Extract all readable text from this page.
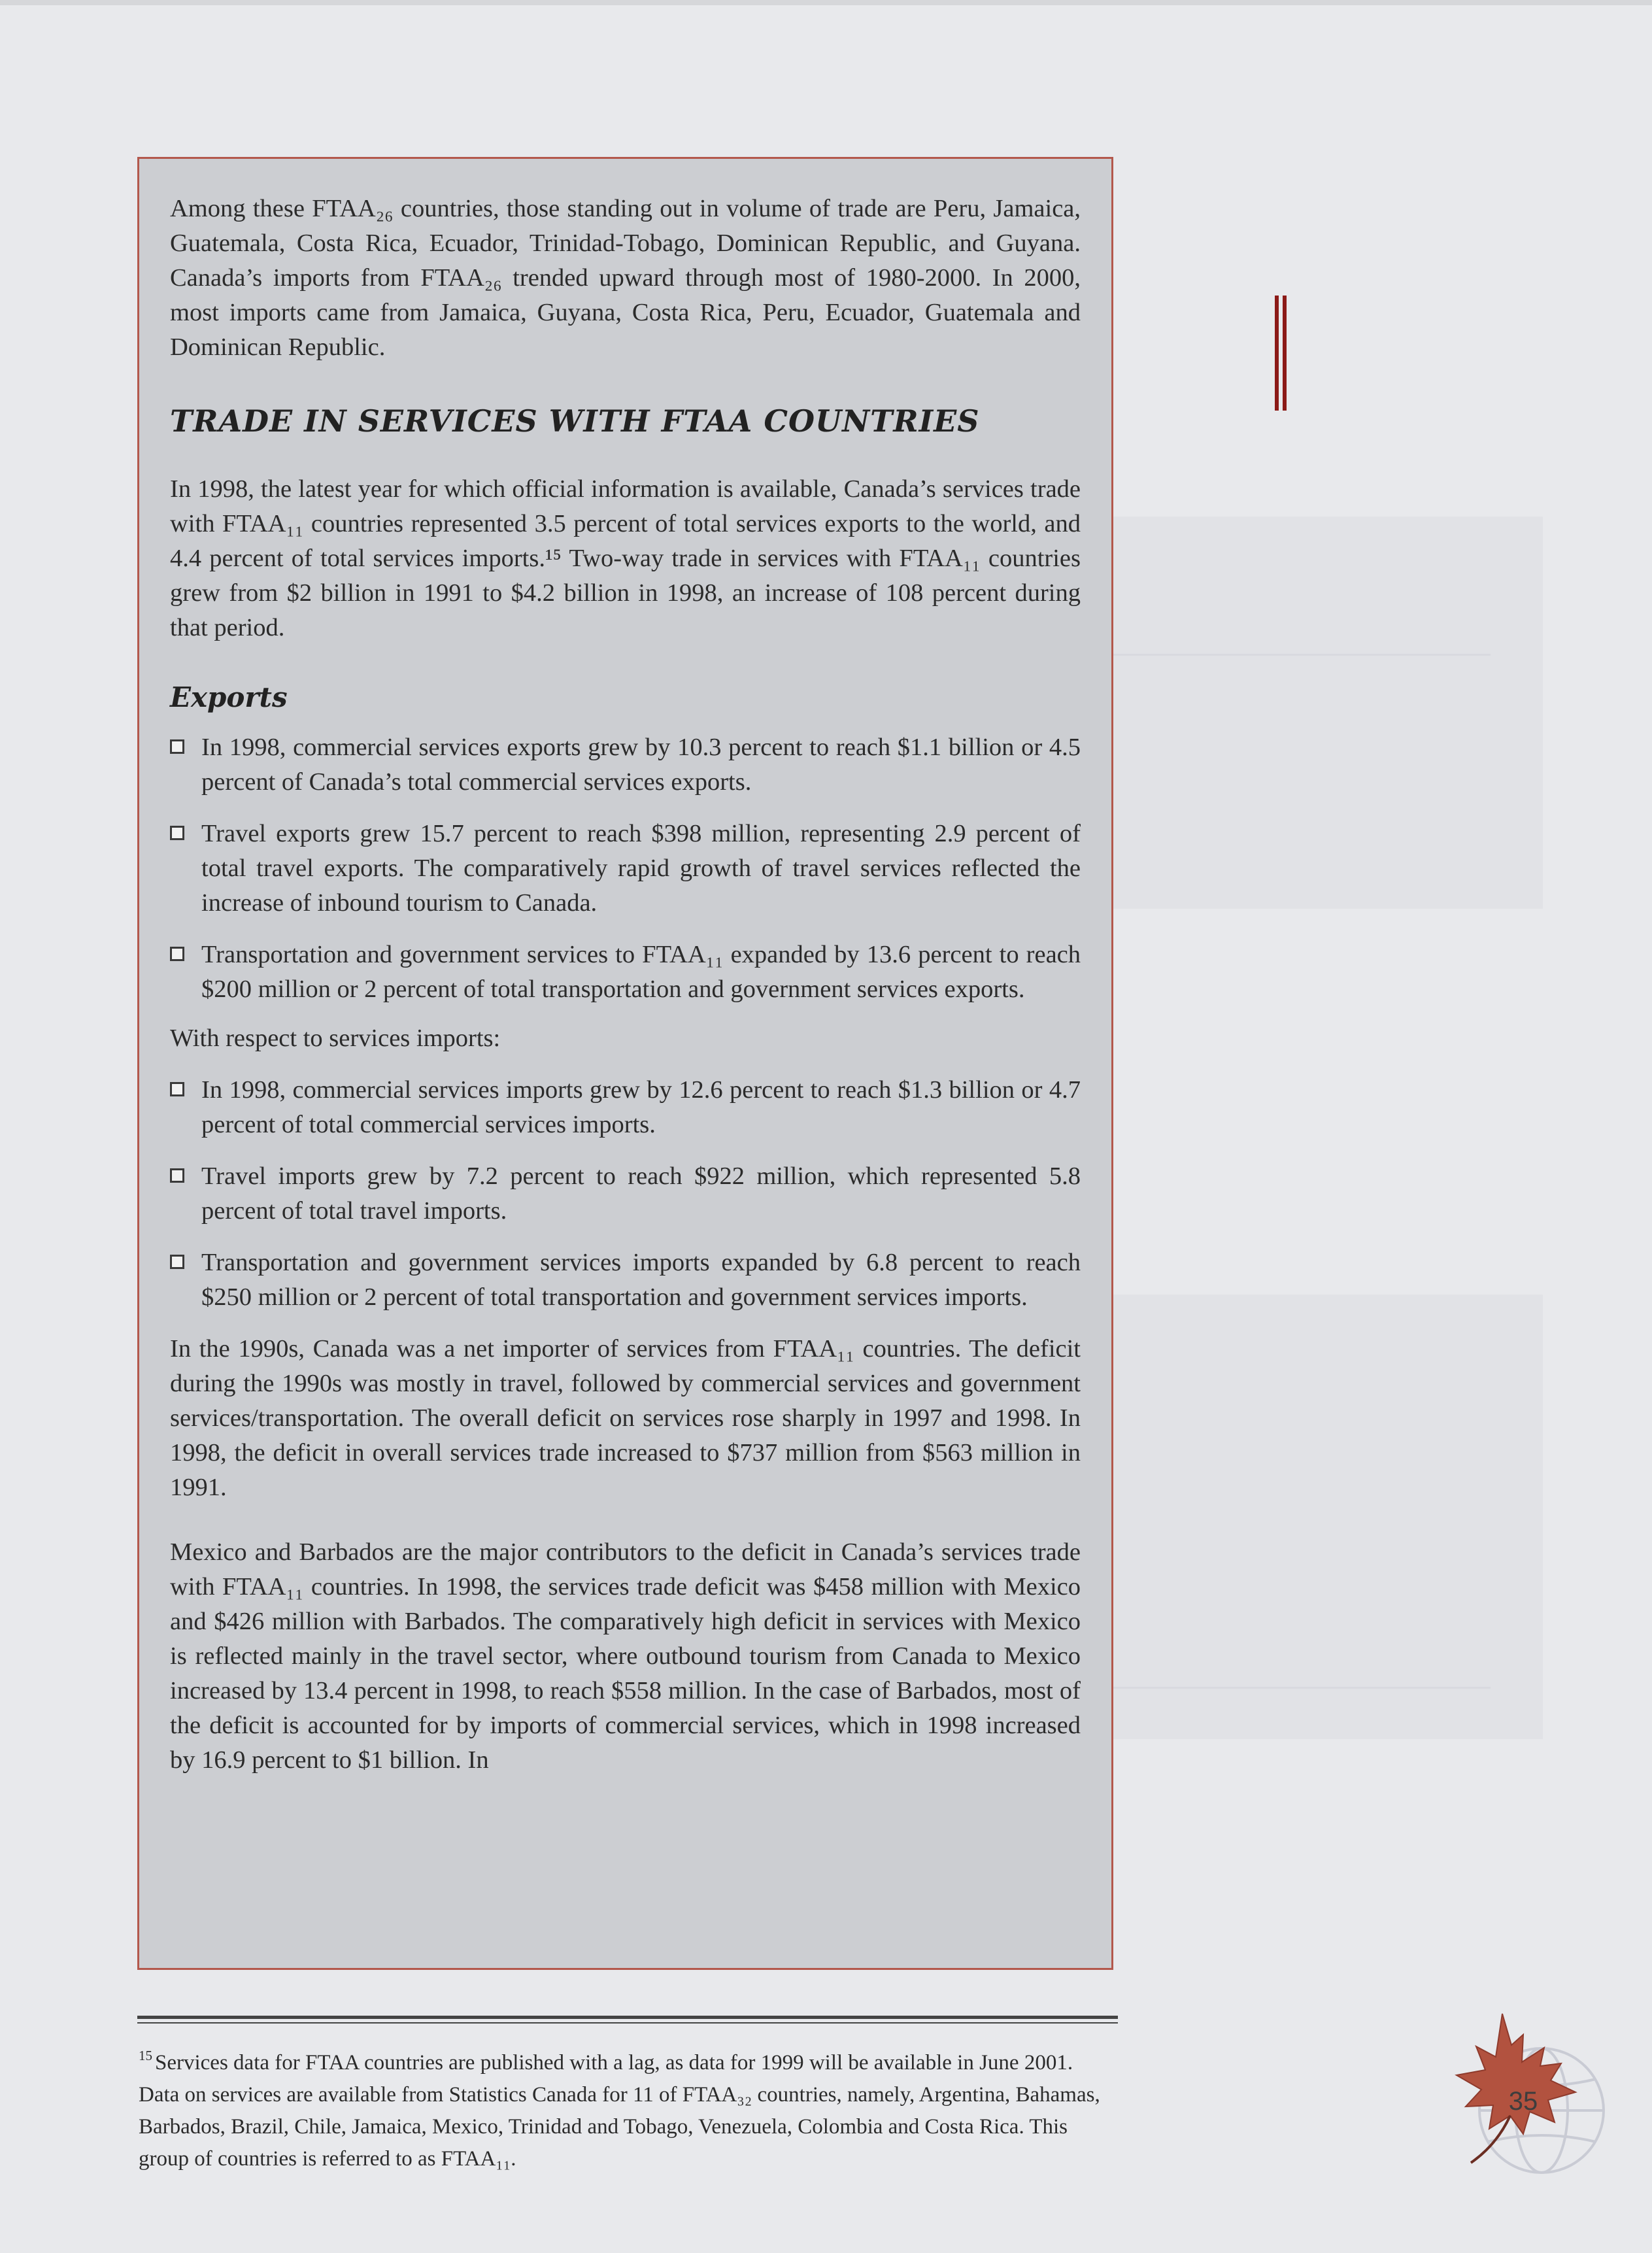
Among these FTAA₂₆ countries, those standing out in volume of trade are Peru, Jamaica, Guatemala, Costa Rica, Ecuador, Trinidad-Tobago, Dominican Republic, and Guyana. Canada’s imports from FTAA₂₆ trended upward through most of 1980-2000. In 2000, most imports came from Jamaica, Guyana, Costa Rica, Peru, Ecuador, Guatemala and Dominican Republic.

TRADE IN SERVICES WITH FTAA COUNTRIES

In 1998, the latest year for which official information is available, Canada’s services trade with FTAA₁₁ countries represented 3.5 percent of total services exports to the world, and 4.4 percent of total services imports.¹⁵ Two-way trade in services with FTAA₁₁ countries grew from $2 billion in 1991 to $4.2 billion in 1998, an increase of 108 percent during that period.

Exports

In 1998, commercial services exports grew by 10.3 percent to reach $1.1 billion or 4.5 percent of Canada’s total commercial services exports.

Travel exports grew 15.7 percent to reach $398 million, representing 2.9 percent of total travel exports. The comparatively rapid growth of travel services reflected the increase of inbound tourism to Canada.

Transportation and government services to FTAA₁₁ expanded by 13.6 percent to reach $200 million or 2 percent of total transportation and government services exports.

With respect to services imports:

In 1998, commercial services imports grew by 12.6 percent to reach $1.3 billion or 4.7 percent of total commercial services imports.

Travel imports grew by 7.2 percent to reach $922 million, which represented 5.8 percent of total travel imports.

Transportation and government services imports expanded by 6.8 percent to reach $250 million or 2 percent of total transportation and government services imports.

In the 1990s, Canada was a net importer of services from FTAA₁₁ countries. The deficit during the 1990s was mostly in travel, followed by commercial services and government services/transportation. The overall deficit on services rose sharply in 1997 and 1998. In 1998, the deficit in overall services trade increased to $737 million from $563 million in 1991.

Mexico and Barbados are the major contributors to the deficit in Canada’s services trade with FTAA₁₁ countries. In 1998, the services trade deficit was $458 million with Mexico and $426 million with Barbados. The comparatively high deficit in services with Mexico is reflected mainly in the travel sector, where outbound tourism from Canada to Mexico increased by 13.4 percent in 1998, to reach $558 million. In the case of Barbados, most of the deficit is accounted for by imports of commercial services, which in 1998 increased by 16.9 percent to $1 billion. In

$^{15}$ Services data for FTAA countries are published with a lag, as data for 1999 will be available in June 2001. Data on services are available from Statistics Canada for 11 of FTAA₃₂ countries, namely, Argentina, Bahamas, Barbados, Brazil, Chile, Jamaica, Mexico, Trinidad and Tobago, Venezuela, Colombia and Costa Rica. This group of countries is referred to as FTAA₁₁.

35
